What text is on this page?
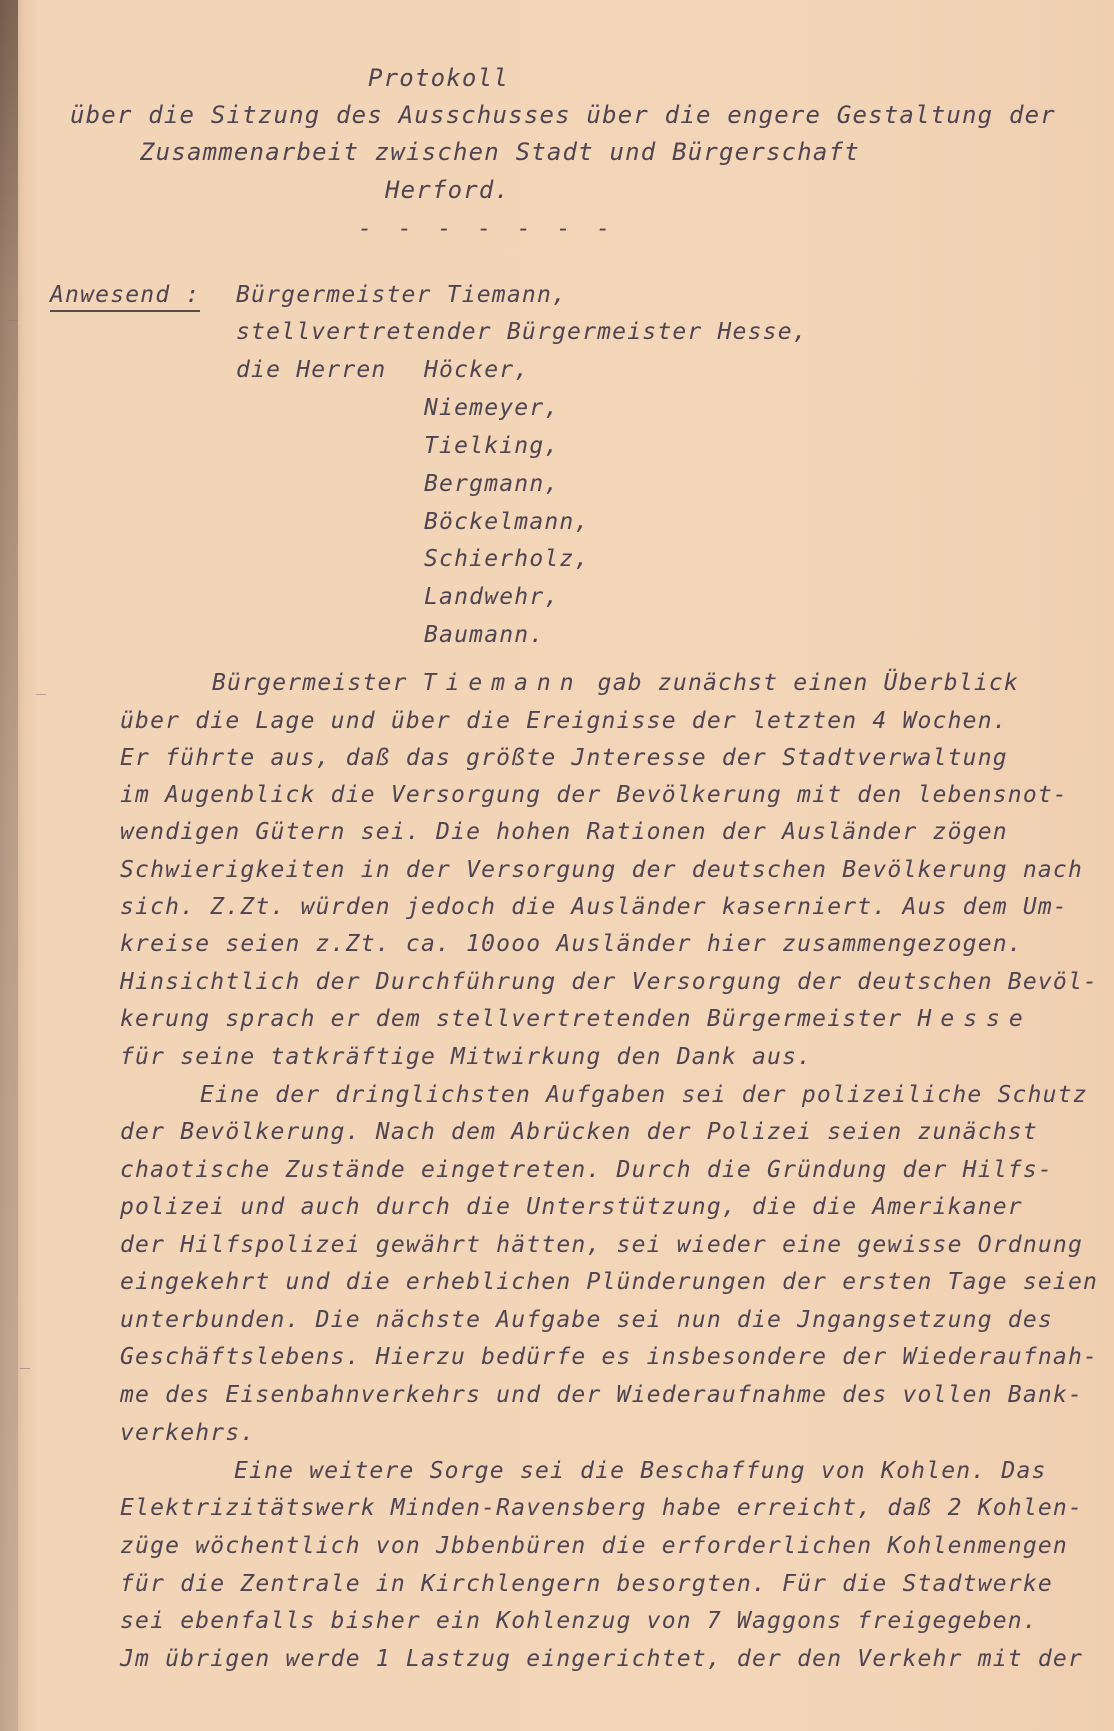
Protokoll
über die Sitzung des Ausschusses über die engere Gestaltung der
Zusammenarbeit zwischen Stadt und Bürgerschaft
Herford.
- - - - - - -
Anwesend : Bürgermeister Tiemann,
stellvertretender Bürgermeister Hesse,
die Herren Höcker,
Niemeyer,
Tielking,
Bergmann,
Böckelmann,
Schierholz,
Landwehr,
Baumann.
Bürgermeister Tiemann gab zunächst einen Überblick
über die Lage und über die Ereignisse der letzten 4 Wochen.
Er führte aus, daß das größte Jnteresse der Stadtverwaltung
im Augenblick die Versorgung der Bevölkerung mit den lebensnot-
wendigen Gütern sei. Die hohen Rationen der Ausländer zögen
Schwierigkeiten in der Versorgung der deutschen Bevölkerung nach
sich. Z.Zt. würden jedoch die Ausländer kaserniert. Aus dem Um-
kreise seien z.Zt. ca. 10ooo Ausländer hier zusammengezogen.
Hinsichtlich der Durchführung der Versorgung der deutschen Bevöl-
kerung sprach er dem stellvertretenden Bürgermeister Hesse
für seine tatkräftige Mitwirkung den Dank aus.
Eine der dringlichsten Aufgaben sei der polizeiliche Schutz
der Bevölkerung. Nach dem Abrücken der Polizei seien zunächst
chaotische Zustände eingetreten. Durch die Gründung der Hilfs-
polizei und auch durch die Unterstützung, die die Amerikaner
der Hilfspolizei gewährt hätten, sei wieder eine gewisse Ordnung
eingekehrt und die erheblichen Plünderungen der ersten Tage seien
unterbunden. Die nächste Aufgabe sei nun die Jngangsetzung des
Geschäftslebens. Hierzu bedürfe es insbesondere der Wiederaufnah-
me des Eisenbahnverkehrs und der Wiederaufnahme des vollen Bank-
verkehrs.
Eine weitere Sorge sei die Beschaffung von Kohlen. Das
Elektrizitätswerk Minden-Ravensberg habe erreicht, daß 2 Kohlen-
züge wöchentlich von Jbbenbüren die erforderlichen Kohlenmengen
für die Zentrale in Kirchlengern besorgten. Für die Stadtwerke
sei ebenfalls bisher ein Kohlenzug von 7 Waggons freigegeben.
Jm übrigen werde 1 Lastzug eingerichtet, der den Verkehr mit der
